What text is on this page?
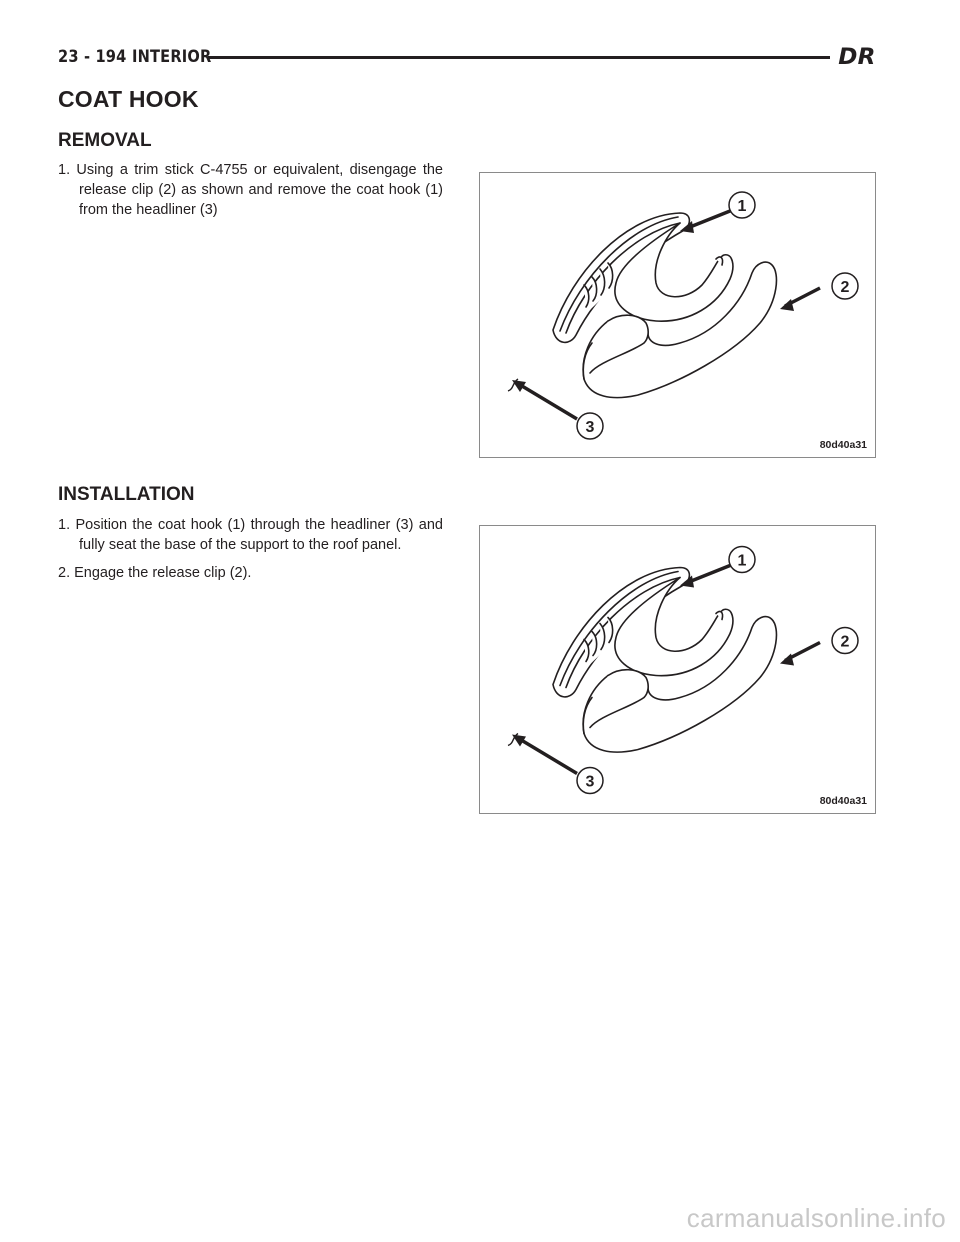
23 - 194 INTERIOR	DR
COAT HOOK
REMOVAL
1. Using a trim stick C-4755 or equivalent, disengage the release clip (2) as shown and remove the coat hook (1) from the headliner (3)	1
2
3
80d40a31
INSTALLATION
1. Position the coat hook (1) through the headliner (3) and fully seat the base of the support to the roof panel.
2. Engage the release clip (2).
1
2
3
80d40a31
carmanualsonline.info
